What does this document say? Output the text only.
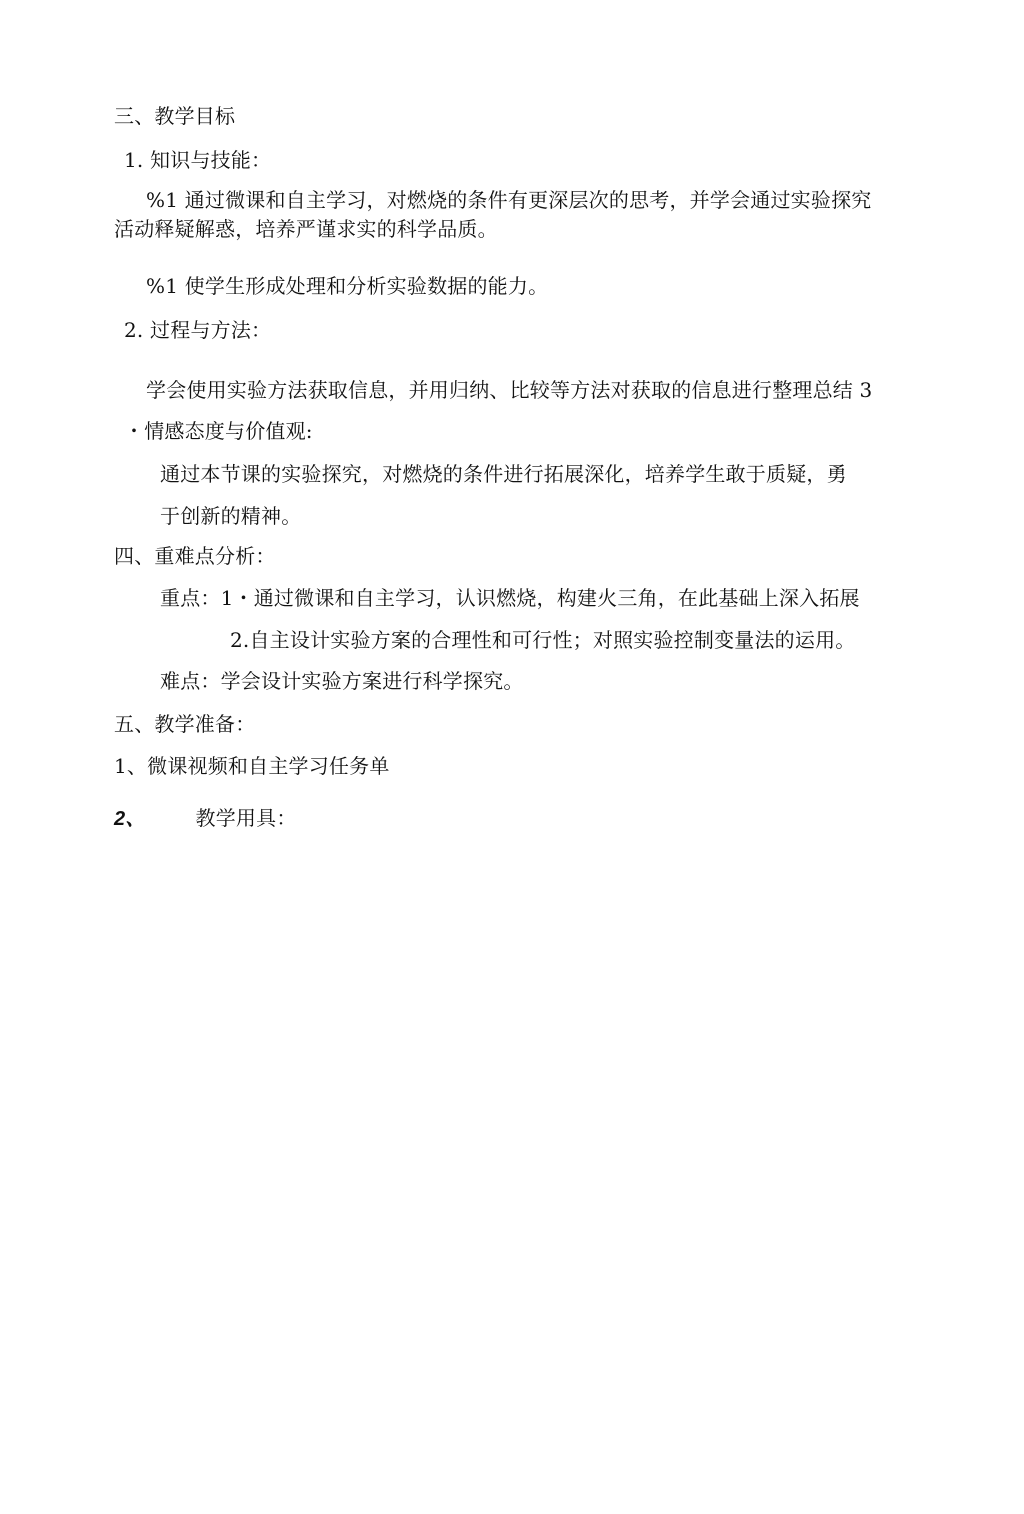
三、教学目标

1. 知识与技能：

%1 通过微课和自主学习，对燃烧的条件有更深层次的思考，并学会通过实验探究

活动释疑解惑，培养严谨求实的科学品质。

%1 使学生形成处理和分析实验数据的能力。

2. 过程与方法：

学会使用实验方法获取信息，并用归纳、比较等方法对获取的信息进行整理总结 3

・情感态度与价值观:

通过本节课的实验探究，对燃烧的条件进行拓展深化，培养学生敢于质疑，勇

于创新的精神。

四、重难点分析：

重点：1・通过微课和自主学习，认识燃烧，构建火三角，在此基础上深入拓展

2.自主设计实验方案的合理性和可行性；对照实验控制变量法的运用。

难点：学会设计实验方案进行科学探究。

五、教学准备：

1、微课视频和自主学习任务单

2、	教学用具：
